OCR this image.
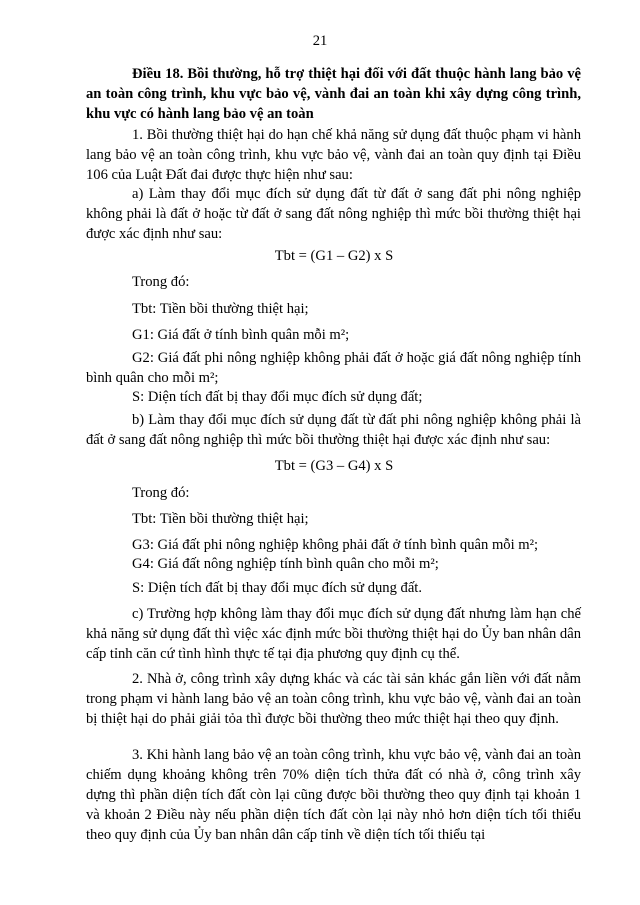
21
Điều 18. Bồi thường, hỗ trợ thiệt hại đối với đất thuộc hành lang bảo vệ an toàn công trình, khu vực bảo vệ, vành đai an toàn khi xây dựng công trình, khu vực có hành lang bảo vệ an toàn
1. Bồi thường thiệt hại do hạn chế khả năng sử dụng đất thuộc phạm vi hành lang bảo vệ an toàn công trình, khu vực bảo vệ, vành đai an toàn quy định tại Điều 106 của Luật Đất đai được thực hiện như sau:
a) Làm thay đổi mục đích sử dụng đất từ đất ở sang đất phi nông nghiệp không phải là đất ở hoặc từ đất ở sang đất nông nghiệp thì mức bồi thường thiệt hại được xác định như sau:
Tbt = (G1 – G2) x S
Trong đó:
Tbt: Tiền bồi thường thiệt hại;
G1: Giá đất ở tính bình quân mỗi m²;
G2: Giá đất phi nông nghiệp không phải đất ở hoặc giá đất nông nghiệp tính bình quân cho mỗi m²;
S: Diện tích đất bị thay đổi mục đích sử dụng đất;
b) Làm thay đổi mục đích sử dụng đất từ đất phi nông nghiệp không phải là đất ở sang đất nông nghiệp thì mức bồi thường thiệt hại được xác định như sau:
Tbt = (G3 – G4) x S
Trong đó:
Tbt: Tiền bồi thường thiệt hại;
G3: Giá đất phi nông nghiệp không phải đất ở tính bình quân mỗi m²;
G4: Giá đất nông nghiệp tính bình quân cho mỗi m²;
S: Diện tích đất bị thay đổi mục đích sử dụng đất.
c) Trường hợp không làm thay đổi mục đích sử dụng đất nhưng làm hạn chế khả năng sử dụng đất thì việc xác định mức bồi thường thiệt hại do Ủy ban nhân dân cấp tỉnh căn cứ tình hình thực tế tại địa phương quy định cụ thể.
2. Nhà ở, công trình xây dựng khác và các tài sản khác gắn liền với đất nằm trong phạm vi hành lang bảo vệ an toàn công trình, khu vực bảo vệ, vành đai an toàn bị thiệt hại do phải giải tỏa thì được bồi thường theo mức thiệt hại theo quy định.
3. Khi hành lang bảo vệ an toàn công trình, khu vực bảo vệ, vành đai an toàn chiếm dụng khoảng không trên 70% diện tích thửa đất có nhà ở, công trình xây dựng thì phần diện tích đất còn lại cũng được bồi thường theo quy định tại khoản 1 và khoản 2 Điều này nếu phần diện tích đất còn lại này nhỏ hơn diện tích tối thiểu theo quy định của Ủy ban nhân dân cấp tỉnh về diện tích tối thiểu tại
